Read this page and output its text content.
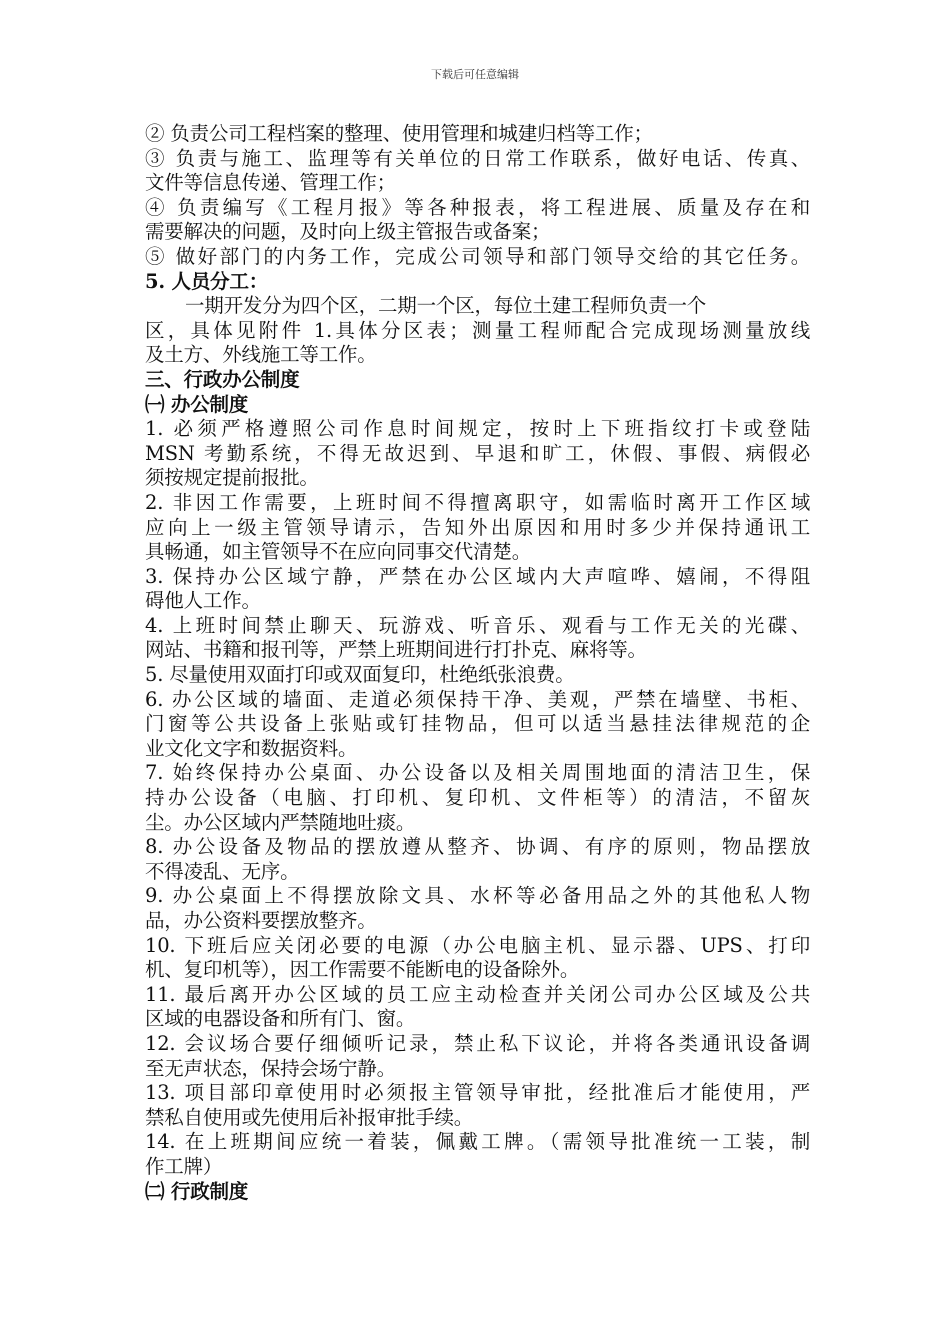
下载后可任意编辑
② 负责公司工程档案的整理、使用管理和城建归档等工作；
③ 负责与施工、监理等有关单位的日常工作联系，做好电话、传真、
文件等信息传递、管理工作；
④ 负责编写《工程月报》等各种报表，将工程进展、质量及存在和
需要解决的问题，及时向上级主管报告或备案；
⑤ 做好部门的内务工作，完成公司领导和部门领导交给的其它任务。
5. 人员分工：
一期开发分为四个区，二期一个区，每位土建工程师负责一个
区，具体见附件 1.具体分区表；测量工程师配合完成现场测量放线
及土方、外线施工等工作。
三、行政办公制度
㈠ 办公制度
1. 必须严格遵照公司作息时间规定，按时上下班指纹打卡或登陆
MSN 考勤系统，不得无故迟到、早退和旷工，休假、事假、病假必
须按规定提前报批。
2. 非因工作需要，上班时间不得擅离职守，如需临时离开工作区域
应向上一级主管领导请示，告知外出原因和用时多少并保持通讯工
具畅通，如主管领导不在应向同事交代清楚。
3. 保持办公区域宁静，严禁在办公区域内大声喧哗、嬉闹，不得阻
碍他人工作。
4. 上班时间禁止聊天、玩游戏、听音乐、观看与工作无关的光碟、
网站、书籍和报刊等，严禁上班期间进行打扑克、麻将等。
5. 尽量使用双面打印或双面复印，杜绝纸张浪费。
6. 办公区域的墙面、走道必须保持干净、美观，严禁在墙壁、书柜、
门窗等公共设备上张贴或钉挂物品，但可以适当悬挂法律规范的企
业文化文字和数据资料。
7. 始终保持办公桌面、办公设备以及相关周围地面的清洁卫生，保
持办公设备（电脑、打印机、复印机、文件柜等）的清洁，不留灰
尘。办公区域内严禁随地吐痰。
8. 办公设备及物品的摆放遵从整齐、协调、有序的原则，物品摆放
不得凌乱、无序。
9. 办公桌面上不得摆放除文具、水杯等必备用品之外的其他私人物
品，办公资料要摆放整齐。
10. 下班后应关闭必要的电源（办公电脑主机、显示器、UPS、打印
机、复印机等），因工作需要不能断电的设备除外。
11. 最后离开办公区域的员工应主动检查并关闭公司办公区域及公共
区域的电器设备和所有门、窗。
12. 会议场合要仔细倾听记录，禁止私下议论，并将各类通讯设备调
至无声状态，保持会场宁静。
13. 项目部印章使用时必须报主管领导审批，经批准后才能使用，严
禁私自使用或先使用后补报审批手续。
14. 在上班期间应统一着装，佩戴工牌。（需领导批准统一工装，制
作工牌）
㈡ 行政制度
